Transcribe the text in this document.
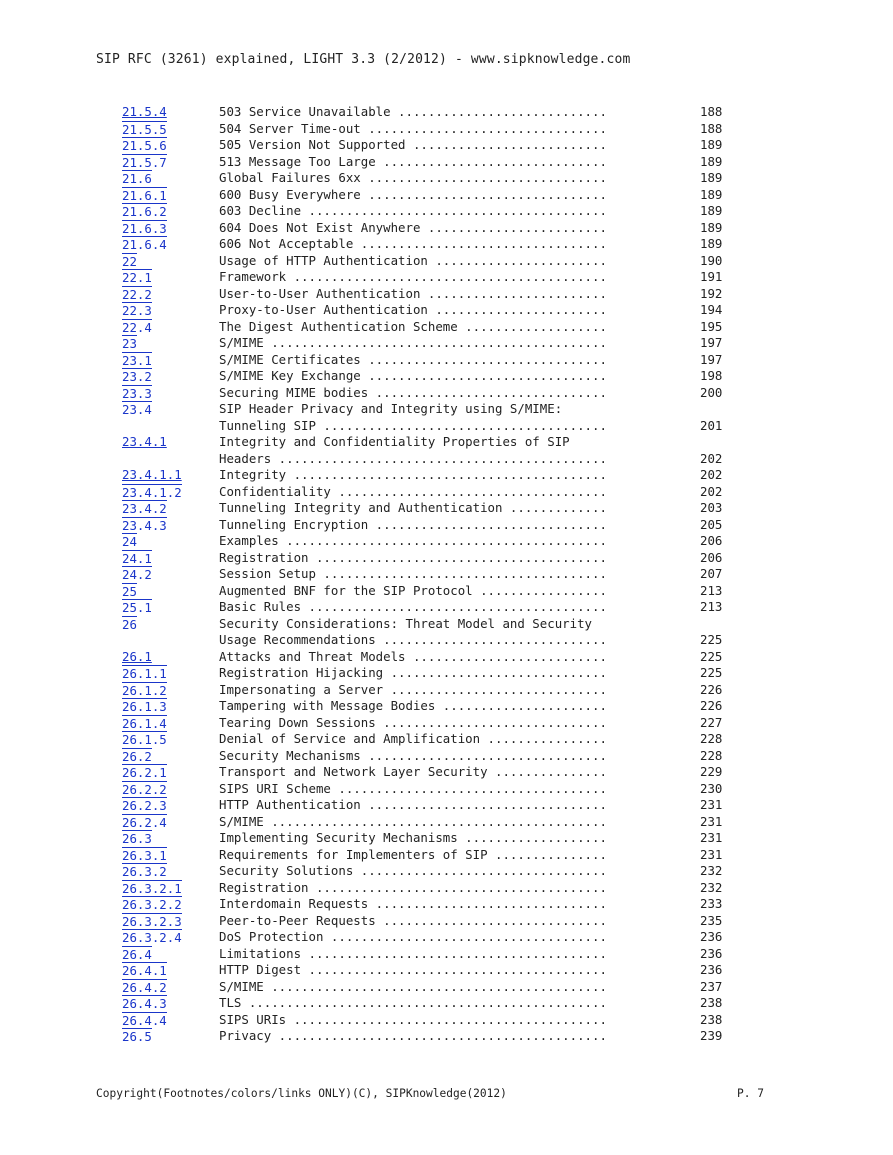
SIP RFC (3261) explained, LIGHT 3.3 (2/2012) - www.sipknowledge.com
21.5.4	503 Service Unavailable ............................	188
21.5.5	504 Server Time-out ................................	188
21.5.6	505 Version Not Supported ..........................	189
21.5.7	513 Message Too Large ..............................	189
21.6	Global Failures 6xx ................................	189
21.6.1	600 Busy Everywhere ................................	189
21.6.2	603 Decline ........................................	189
21.6.3	604 Does Not Exist Anywhere ........................	189
21.6.4	606 Not Acceptable .................................	189
22	Usage of HTTP Authentication .......................	190
22.1	Framework ..........................................	191
22.2	User-to-User Authentication ........................	192
22.3	Proxy-to-User Authentication .......................	194
22.4	The Digest Authentication Scheme ...................	195
23	S/MIME .............................................	197
23.1	S/MIME Certificates ................................	197
23.2	S/MIME Key Exchange ................................	198
23.3	Securing MIME bodies ...............................	200
23.4	SIP Header Privacy and Integrity using S/MIME:
Tunneling SIP ......................................	201
23.4.1	Integrity and Confidentiality Properties of SIP
Headers ............................................	202
23.4.1.1	Integrity ..........................................	202
23.4.1.2	Confidentiality ....................................	202
23.4.2	Tunneling Integrity and Authentication .............	203
23.4.3	Tunneling Encryption ...............................	205
24	Examples ...........................................	206
24.1	Registration .......................................	206
24.2	Session Setup ......................................	207
25	Augmented BNF for the SIP Protocol .................	213
25.1	Basic Rules ........................................	213
26	Security Considerations: Threat Model and Security
Usage Recommendations ..............................	225
26.1	Attacks and Threat Models ..........................	225
26.1.1	Registration Hijacking .............................	225
26.1.2	Impersonating a Server .............................	226
26.1.3	Tampering with Message Bodies ......................	226
26.1.4	Tearing Down Sessions ..............................	227
26.1.5	Denial of Service and Amplification ................	228
26.2	Security Mechanisms ................................	228
26.2.1	Transport and Network Layer Security ...............	229
26.2.2	SIPS URI Scheme ....................................	230
26.2.3	HTTP Authentication ................................	231
26.2.4	S/MIME .............................................	231
26.3	Implementing Security Mechanisms ...................	231
26.3.1	Requirements for Implementers of SIP ...............	231
26.3.2	Security Solutions .................................	232
26.3.2.1	Registration .......................................	232
26.3.2.2	Interdomain Requests ...............................	233
26.3.2.3	Peer-to-Peer Requests ..............................	235
26.3.2.4	DoS Protection .....................................	236
26.4	Limitations ........................................	236
26.4.1	HTTP Digest ........................................	236
26.4.2	S/MIME .............................................	237
26.4.3	TLS ................................................	238
26.4.4	SIPS URIs ..........................................	238
26.5	Privacy ............................................	239
Copyright(Footnotes/colors/links ONLY)(C), SIPKnowledge(2012)	P. 7
